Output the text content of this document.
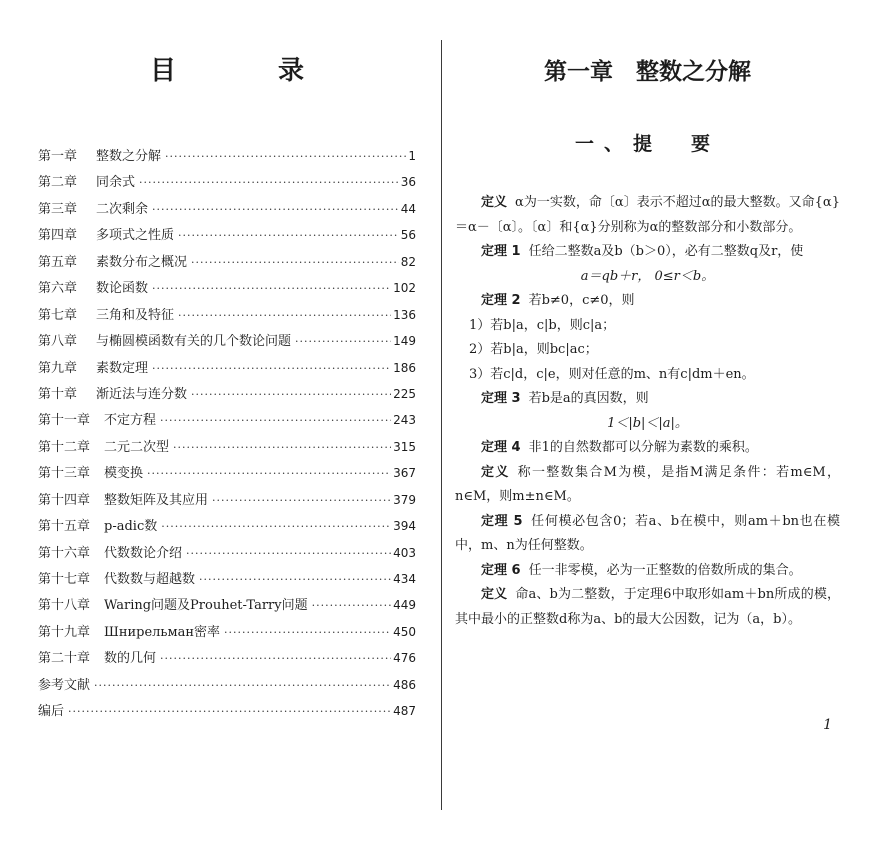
目　录
第一章	整数之分解 ·····	1
第二章	同余式 ·····	36
第三章	二次剩余 ·····	44
第四章	多项式之性质 ·····	56
第五章	素数分布之概况 ·····	82
第六章	数论函数 ·····	102
第七章	三角和及特征 ·····	136
第八章	与椭圆模函数有关的几个数论问题 ·····	149
第九章	素数定理 ·····	186
第十章	渐近法与连分数 ·····	225
第十一章	不定方程 ·····	243
第十二章	二元二次型 ·····	315
第十三章	模变换 ·····	367
第十四章	整数矩阵及其应用 ·····	379
第十五章	p-adic数 ·····	394
第十六章	代数数论介绍 ·····	403
第十七章	代数数与超越数 ·····	434
第十八章	Waring问题及Prouhet-Tarry问题 ·····	449
第十九章	Шнирельман密率 ·····	450
第二十章	数的几何 ·····	476
参考文献 ·····	486
编后 ·····	487
第一章　整数之分解
一、提　要

定义 α为一实数，命〔α〕表示不超过α的最大整数。又命{α}＝α－〔α〕。〔α〕和{α}分别称为α的整数部分和小数部分。

定理 1 任给二整数a及b（b＞0），必有二整数q及r，使

a＝qb＋r， 0≤r＜b。

定理 2 若b≠0，c≠0，则

1）若b|a，c|b，则c|a；

2）若b|a，则bc|ac；

3）若c|d，c|e，则对任意的m、n有c|dm＋en。

定理 3 若b是a的真因数，则

1＜|b|＜|a|。

定理 4 非1的自然数都可以分解为素数的乘积。

定义 称一整数集合M为模，是指M满足条件：若m∈M，n∈M，则m±n∈M。

定理 5 任何模必包含0；若a、b在模中，则am＋bn也在模中，m、n为任何整数。

定理 6 任一非零模，必为一正整数的倍数所成的集合。

定义 命a、b为二整数，于定理6中取形如am＋bn所成的模，其中最小的正整数d称为a、b的最大公因数，记为（a，b）。

1
